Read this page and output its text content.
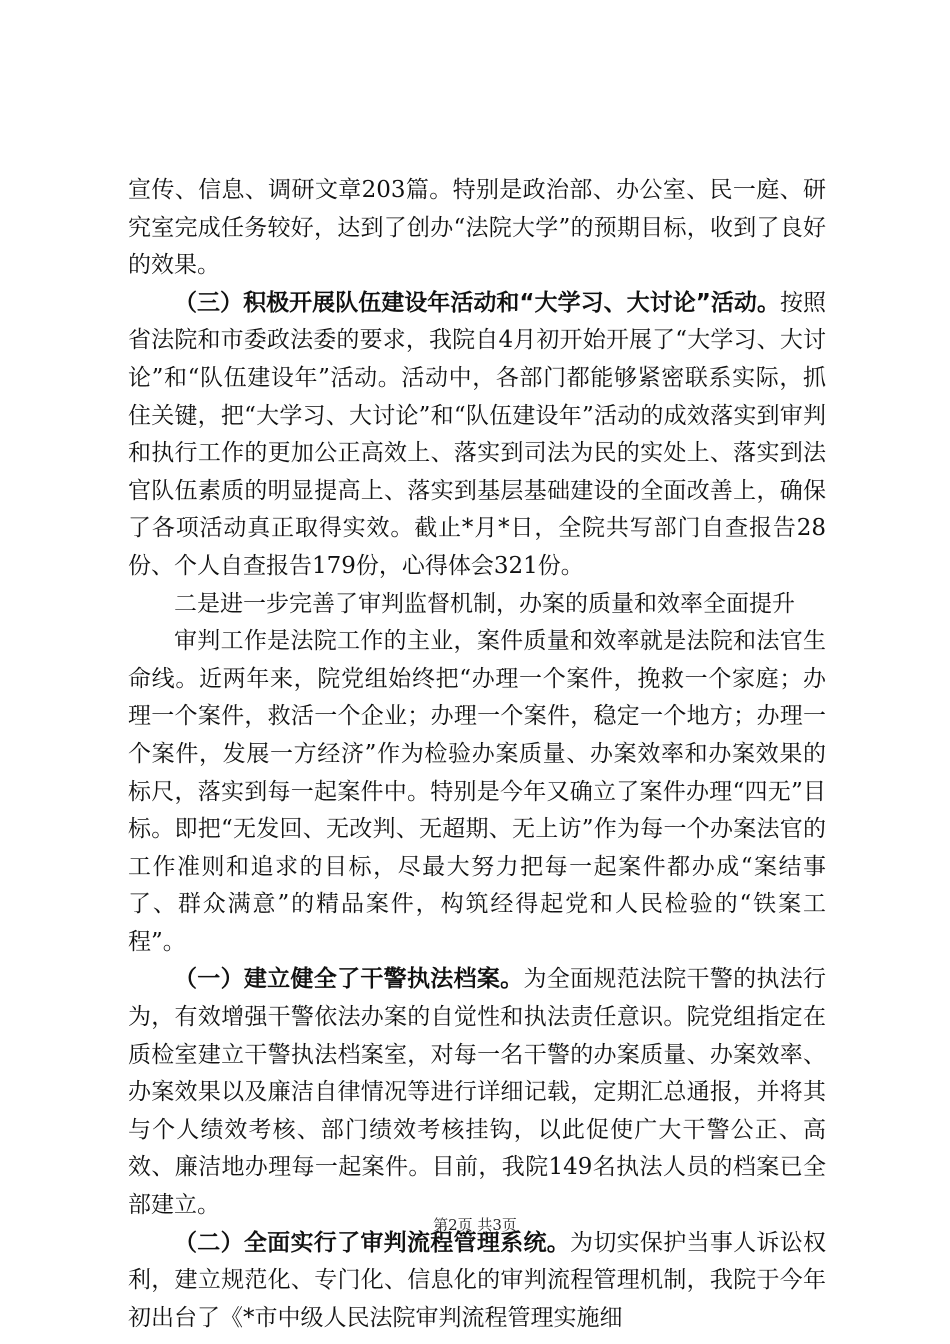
宣传、信息、调研文章203篇。特别是政治部、办公室、民一庭、研究室完成任务较好，达到了创办“法院大学”的预期目标，收到了良好的效果。

（三）积极开展队伍建设年活动和“大学习、大讨论”活动。按照省法院和市委政法委的要求，我院自4月初开始开展了“大学习、大讨论”和“队伍建设年”活动。活动中，各部门都能够紧密联系实际，抓住关键，把“大学习、大讨论”和“队伍建设年”活动的成效落实到审判和执行工作的更加公正高效上、落实到司法为民的实处上、落实到法官队伍素质的明显提高上、落实到基层基础建设的全面改善上，确保了各项活动真正取得实效。截止*月*日，全院共写部门自查报告28份、个人自查报告179份，心得体会321份。

二是进一步完善了审判监督机制，办案的质量和效率全面提升

审判工作是法院工作的主业，案件质量和效率就是法院和法官生命线。近两年来，院党组始终把“办理一个案件，挽救一个家庭；办理一个案件，救活一个企业；办理一个案件，稳定一个地方；办理一个案件，发展一方经济”作为检验办案质量、办案效率和办案效果的标尺，落实到每一起案件中。特别是今年又确立了案件办理“四无”目标。即把“无发回、无改判、无超期、无上访”作为每一个办案法官的工作准则和追求的目标，尽最大努力把每一起案件都办成“案结事了、群众满意”的精品案件，构筑经得起党和人民检验的“铁案工程”。

（一）建立健全了干警执法档案。为全面规范法院干警的执法行为，有效增强干警依法办案的自觉性和执法责任意识。院党组指定在质检室建立干警执法档案室，对每一名干警的办案质量、办案效率、办案效果以及廉洁自律情况等进行详细记载，定期汇总通报，并将其与个人绩效考核、部门绩效考核挂钩，以此促使广大干警公正、高效、廉洁地办理每一起案件。目前，我院149名执法人员的档案已全部建立。

（二）全面实行了审判流程管理系统。为切实保护当事人诉讼权利，建立规范化、专门化、信息化的审判流程管理机制，我院于今年初出台了《*市中级人民法院审判流程管理实施细

第2页 共3页
